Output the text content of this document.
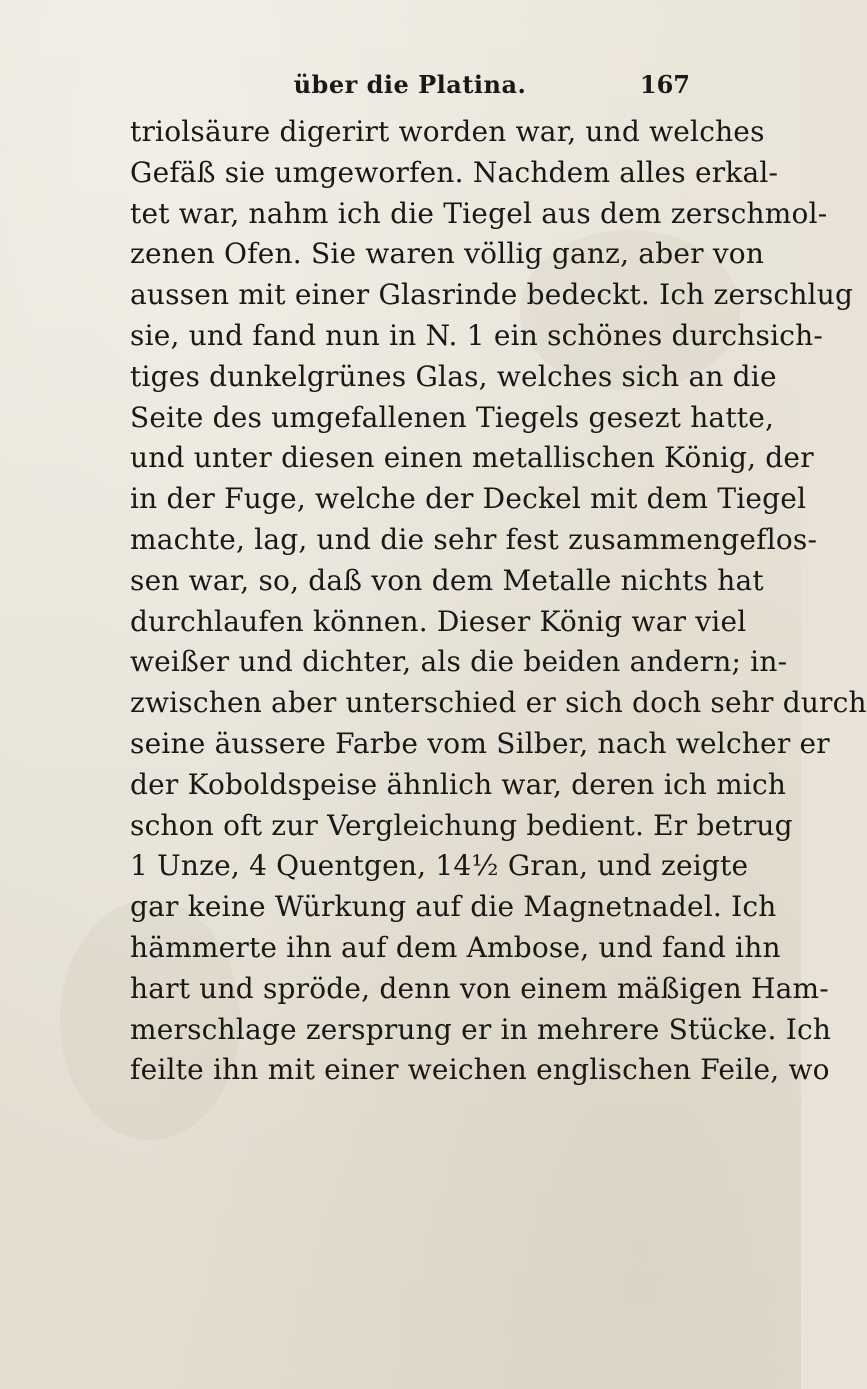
über die Platina.	167
triolsäure digerirt worden war, und welches
Gefäß sie umgeworfen. Nachdem alles erkal-
tet war, nahm ich die Tiegel aus dem zerschmol-
zenen Ofen. Sie waren völlig ganz, aber von
aussen mit einer Glasrinde bedeckt. Ich zerschlug
sie, und fand nun in N. 1 ein schönes durchsich-
tiges dunkelgrünes Glas, welches sich an die
Seite des umgefallenen Tiegels gesezt hatte,
und unter diesen einen metallischen König, der
in der Fuge, welche der Deckel mit dem Tiegel
machte, lag, und die sehr fest zusammengeflos-
sen war, so, daß von dem Metalle nichts hat
durchlaufen können. Dieser König war viel
weißer und dichter, als die beiden andern; in-
zwischen aber unterschied er sich doch sehr durch
seine äussere Farbe vom Silber, nach welcher er
der Koboldspeise ähnlich war, deren ich mich
schon oft zur Vergleichung bedient. Er betrug
1 Unze, 4 Quentgen, 14½ Gran, und zeigte
gar keine Würkung auf die Magnetnadel. Ich
hämmerte ihn auf dem Ambose, und fand ihn
hart und spröde, denn von einem mäßigen Ham-
merschlage zersprung er in mehrere Stücke. Ich
feilte ihn mit einer weichen englischen Feile, wo
